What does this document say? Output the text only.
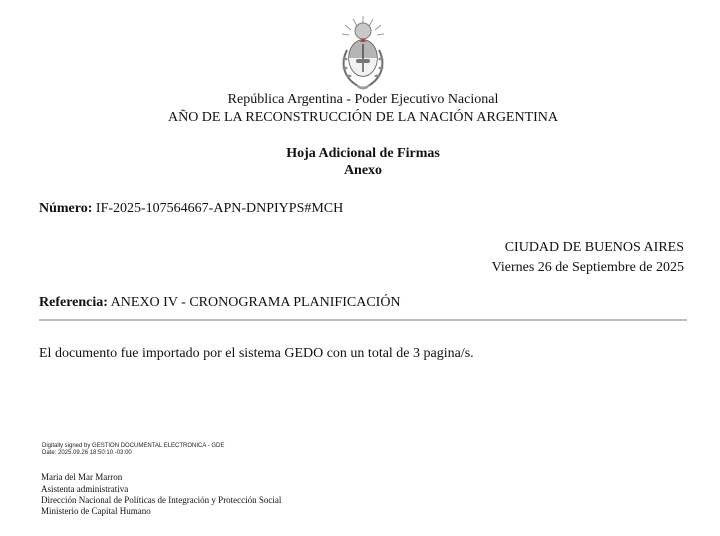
República Argentina - Poder Ejecutivo Nacional
AÑO DE LA RECONSTRUCCIÓN DE LA NACIÓN ARGENTINA
Hoja Adicional de Firmas
Anexo
Número: IF-2025-107564667-APN-DNPIYPS#MCH
CIUDAD DE BUENOS AIRES
Viernes 26 de Septiembre de 2025
Referencia: ANEXO IV - CRONOGRAMA PLANIFICACIÓN
El documento fue importado por el sistema GEDO con un total de 3 pagina/s.
Digitally signed by GESTION DOCUMENTAL ELECTRONICA - GDE
Date: 2025.09.26 18:50:10 -03:00
Maria del Mar Marron
Asistenta administrativa
Dirección Nacional de Políticas de Integración y Protección Social
Ministerio de Capital Humano
